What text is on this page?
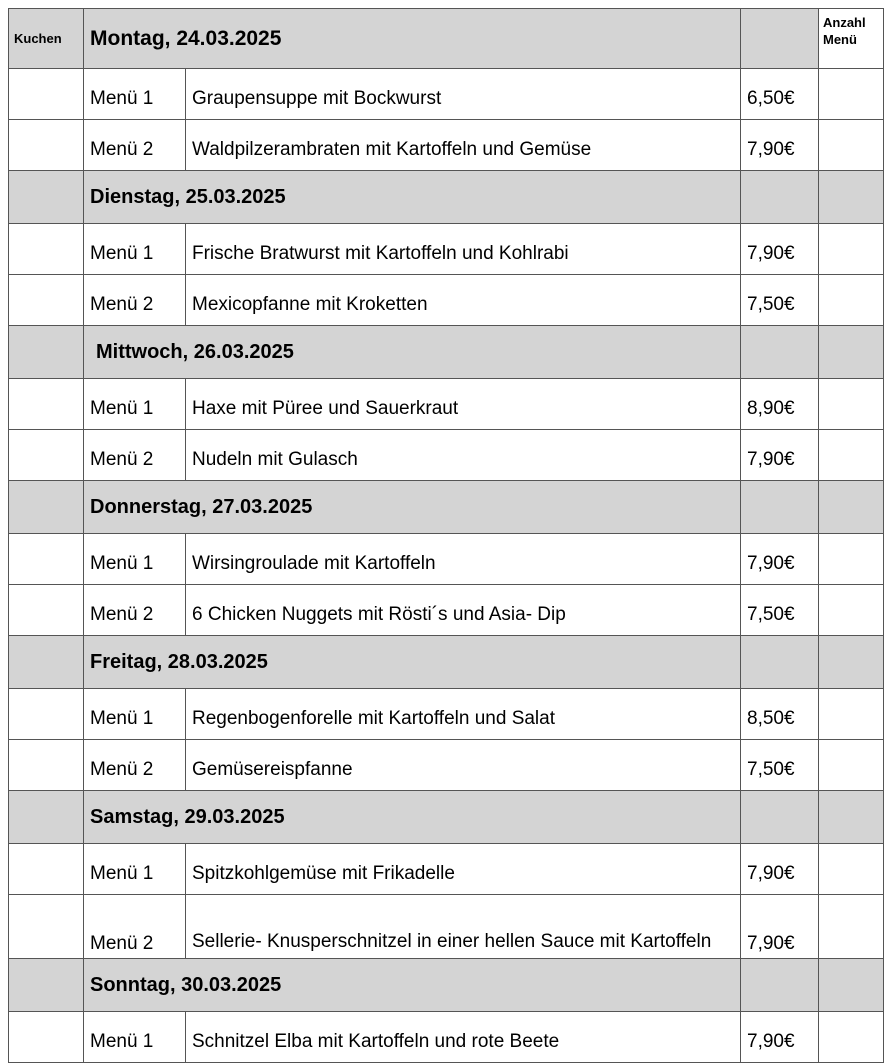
Kuchen	Montag, 24.03.2025			Anzahl Menü
	Menü 1	Graupensuppe mit Bockwurst	6,50€	
	Menü 2	Waldpilzerambraten mit Kartoffeln und Gemüse	7,90€	
	Dienstag, 25.03.2025			
	Menü 1	Frische Bratwurst mit Kartoffeln und Kohlrabi	7,90€	
	Menü 2	Mexicopfanne mit Kroketten	7,50€	
	Mittwoch, 26.03.2025			
	Menü 1	Haxe mit Püree und Sauerkraut	8,90€	
	Menü 2	Nudeln mit Gulasch	7,90€	
	Donnerstag, 27.03.2025			
	Menü 1	Wirsingroulade mit Kartoffeln	7,90€	
	Menü 2	6 Chicken Nuggets mit Rösti´s und Asia- Dip	7,50€	
	Freitag, 28.03.2025			
	Menü 1	Regenbogenforelle mit Kartoffeln und Salat	8,50€	
	Menü 2	Gemüsereispfanne	7,50€	
	Samstag, 29.03.2025			
	Menü 1	Spitzkohlgemüse mit Frikadelle	7,90€	
	Menü 2	Sellerie- Knusperschnitzel in einer hellen Sauce mit Kartoffeln	7,90€	
	Sonntag, 30.03.2025			
	Menü 1	Schnitzel Elba mit Kartoffeln und rote Beete	7,90€	
